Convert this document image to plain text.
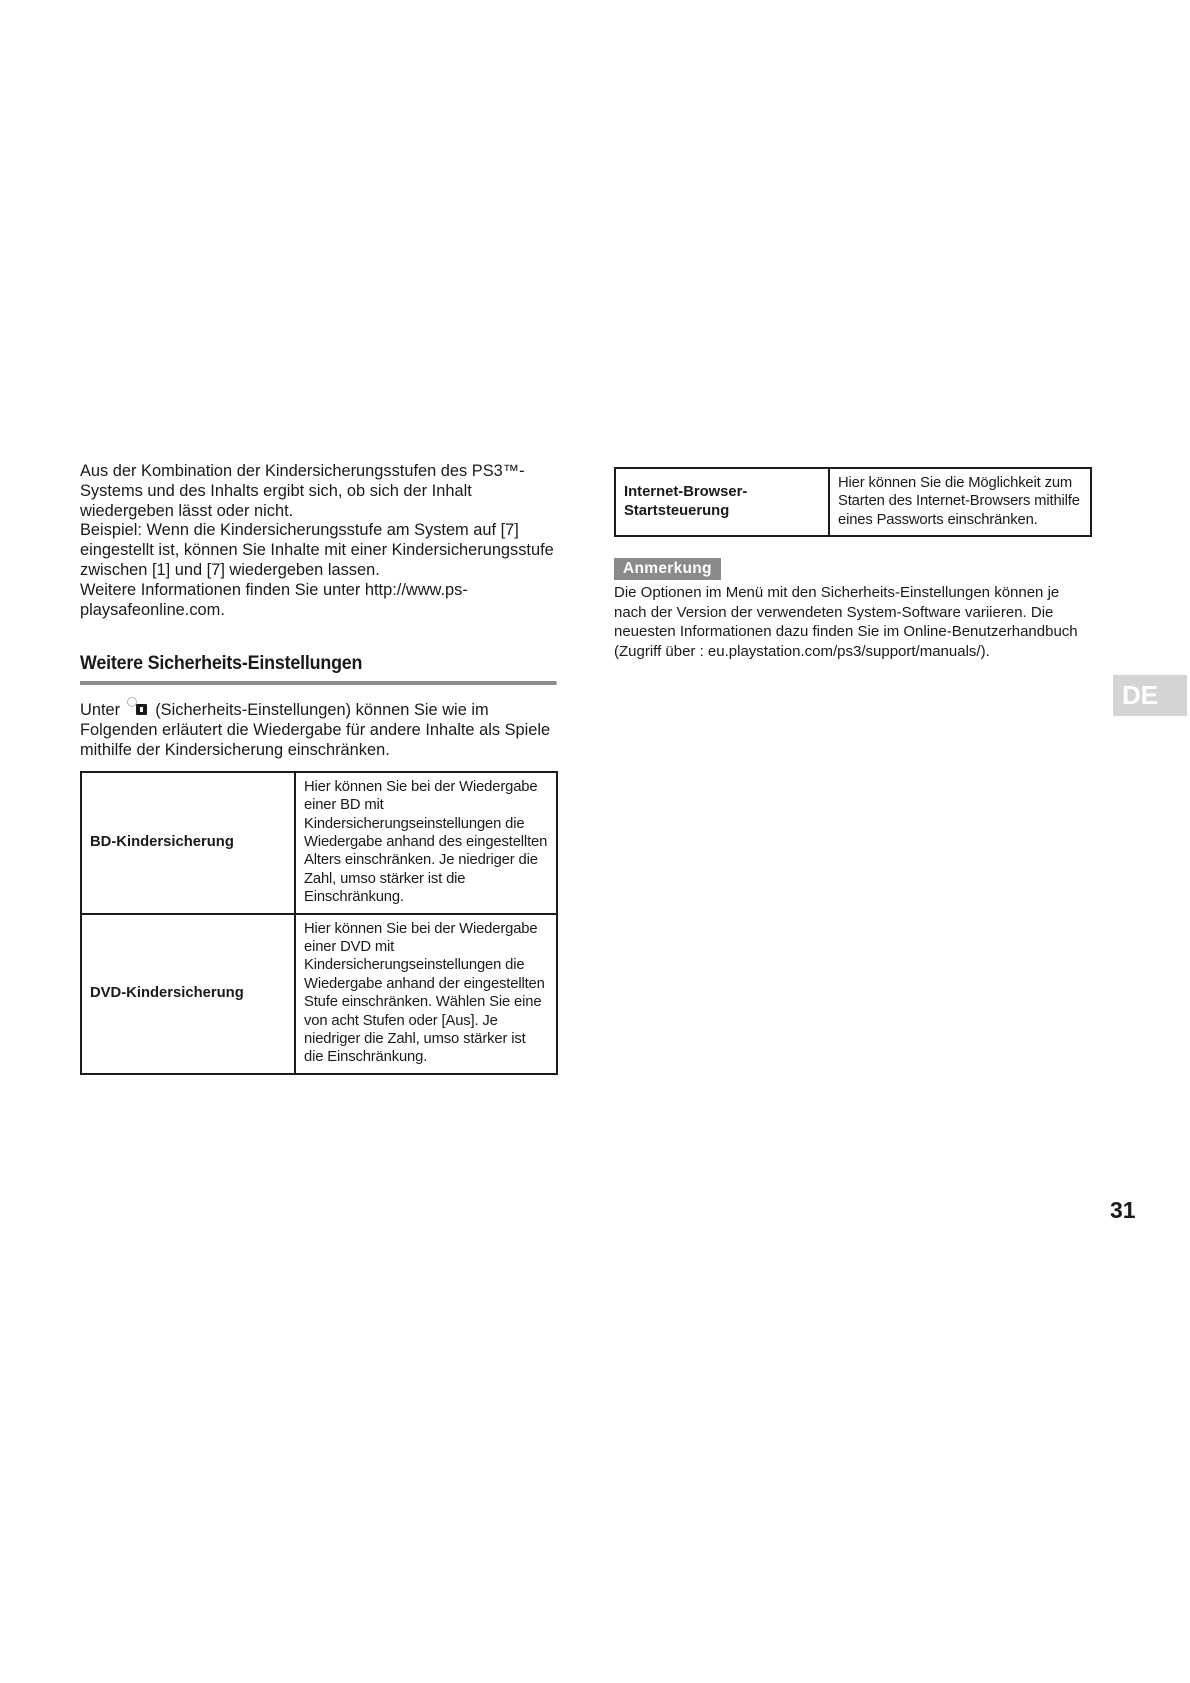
Aus der Kombination der Kindersicherungsstufen des PS3™-Systems und des Inhalts ergibt sich, ob sich der Inhalt wiedergeben lässt oder nicht.

Beispiel: Wenn die Kindersicherungsstufe am System auf [7] eingestellt ist, können Sie Inhalte mit einer Kindersicherungsstufe zwischen [1] und [7] wiedergeben lassen.

Weitere Informationen finden Sie unter http://www.ps-playsafeonline.com.

Weitere Sicherheits-Einstellungen

Unter (Sicherheits-Einstellungen) können Sie wie im Folgenden erläutert die Wiedergabe für andere Inhalte als Spiele mithilfe der Kindersicherung einschränken.

BD-Kindersicherung	Hier können Sie bei der Wiedergabe einer BD mit Kindersicherungseinstellungen die Wiedergabe anhand des eingestellten Alters einschränken. Je niedriger die Zahl, umso stärker ist die Einschränkung.
DVD-Kindersicherung	Hier können Sie bei der Wiedergabe einer DVD mit Kindersicherungseinstellungen die Wiedergabe anhand der eingestellten Stufe einschränken. Wählen Sie eine von acht Stufen oder [Aus]. Je niedriger die Zahl, umso stärker ist die Einschränkung.
Internet-Browser-Startsteuerung	Hier können Sie die Möglichkeit zum Starten des Internet-Browsers mithilfe eines Passworts einschränken.
Anmerkung

Die Optionen im Menü mit den Sicherheits-Einstellungen können je nach der Version der verwendeten System-Software variieren. Die neuesten Informationen dazu finden Sie im Online-Benutzerhandbuch (Zugriff über : eu.playstation.com/ps3/support/manuals/).

DE
31
